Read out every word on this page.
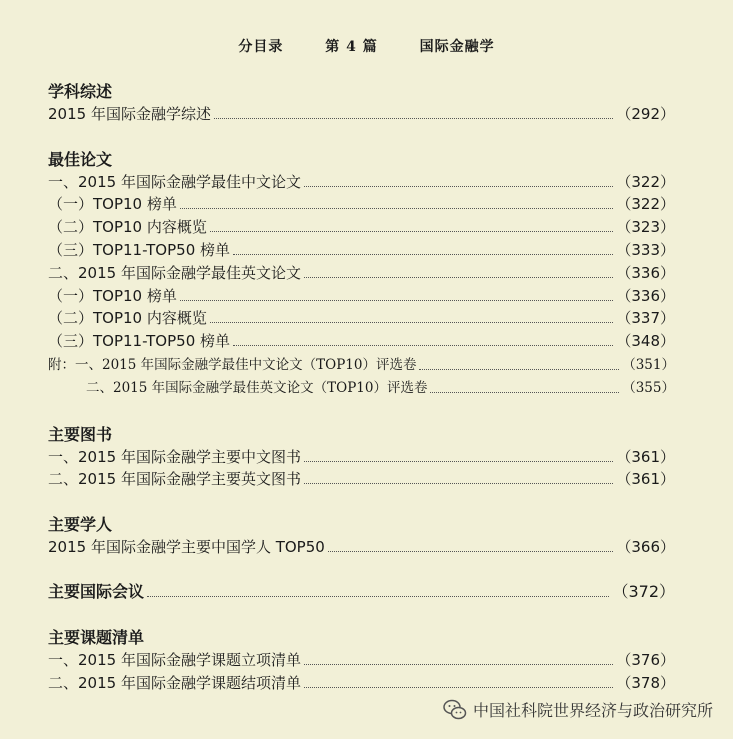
分目录	第 4 篇	国际金融学
学科综述
2015 年国际金融学综述	（292）
最佳论文
一、2015 年国际金融学最佳中文论文	（322）
（一）TOP10 榜单	（322）
（二）TOP10 内容概览	（323）
（三）TOP11-TOP50 榜单	（333）
二、2015 年国际金融学最佳英文论文	（336）
（一）TOP10 榜单	（336）
（二）TOP10 内容概览	（337）
（三）TOP11-TOP50 榜单	（348）
附：一、2015 年国际金融学最佳中文论文（TOP10）评选卷	（351）
二、2015 年国际金融学最佳英文论文（TOP10）评选卷	（355）
主要图书
一、2015 年国际金融学主要中文图书	（361）
二、2015 年国际金融学主要英文图书	（361）
主要学人
2015 年国际金融学主要中国学人 TOP50	（366）
主要国际会议	（372）
主要课题清单
一、2015 年国际金融学课题立项清单	（376）
二、2015 年国际金融学课题结项清单	（378）
中国社科院世界经济与政治研究所
